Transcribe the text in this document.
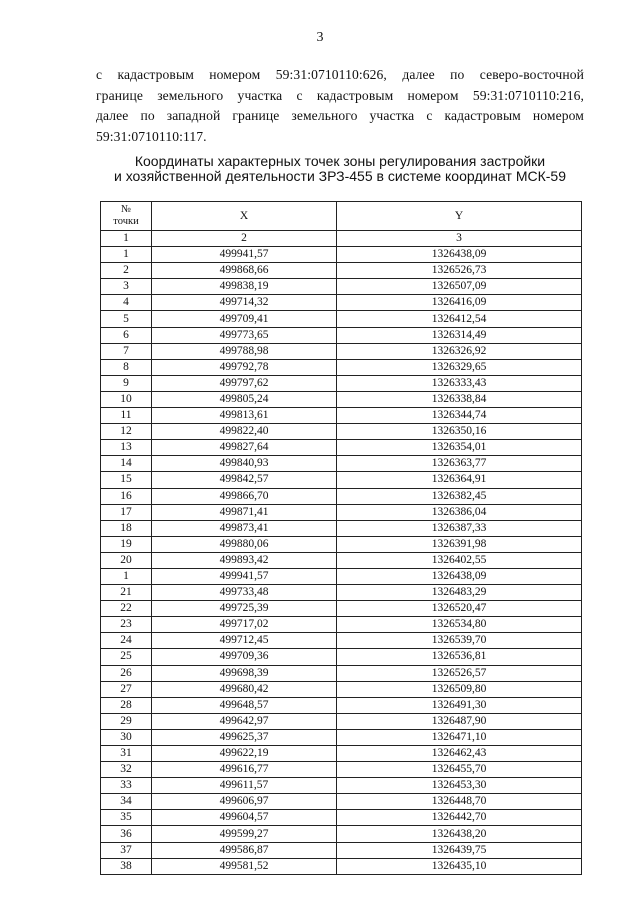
3
с кадастровым номером 59:31:0710110:626, далее по северо-восточной
границе земельного участка с кадастровым номером 59:31:0710110:216,
далее по западной границе земельного участка с кадастровым номером
59:31:0710110:117.
Координаты характерных точек зоны регулирования застройки
и хозяйственной деятельности ЗРЗ-455 в системе координат МСК-59
№
точки	X	Y
1	2	3
1	499941,57	1326438,09
2	499868,66	1326526,73
3	499838,19	1326507,09
4	499714,32	1326416,09
5	499709,41	1326412,54
6	499773,65	1326314,49
7	499788,98	1326326,92
8	499792,78	1326329,65
9	499797,62	1326333,43
10	499805,24	1326338,84
11	499813,61	1326344,74
12	499822,40	1326350,16
13	499827,64	1326354,01
14	499840,93	1326363,77
15	499842,57	1326364,91
16	499866,70	1326382,45
17	499871,41	1326386,04
18	499873,41	1326387,33
19	499880,06	1326391,98
20	499893,42	1326402,55
1	499941,57	1326438,09
21	499733,48	1326483,29
22	499725,39	1326520,47
23	499717,02	1326534,80
24	499712,45	1326539,70
25	499709,36	1326536,81
26	499698,39	1326526,57
27	499680,42	1326509,80
28	499648,57	1326491,30
29	499642,97	1326487,90
30	499625,37	1326471,10
31	499622,19	1326462,43
32	499616,77	1326455,70
33	499611,57	1326453,30
34	499606,97	1326448,70
35	499604,57	1326442,70
36	499599,27	1326438,20
37	499586,87	1326439,75
38	499581,52	1326435,10
